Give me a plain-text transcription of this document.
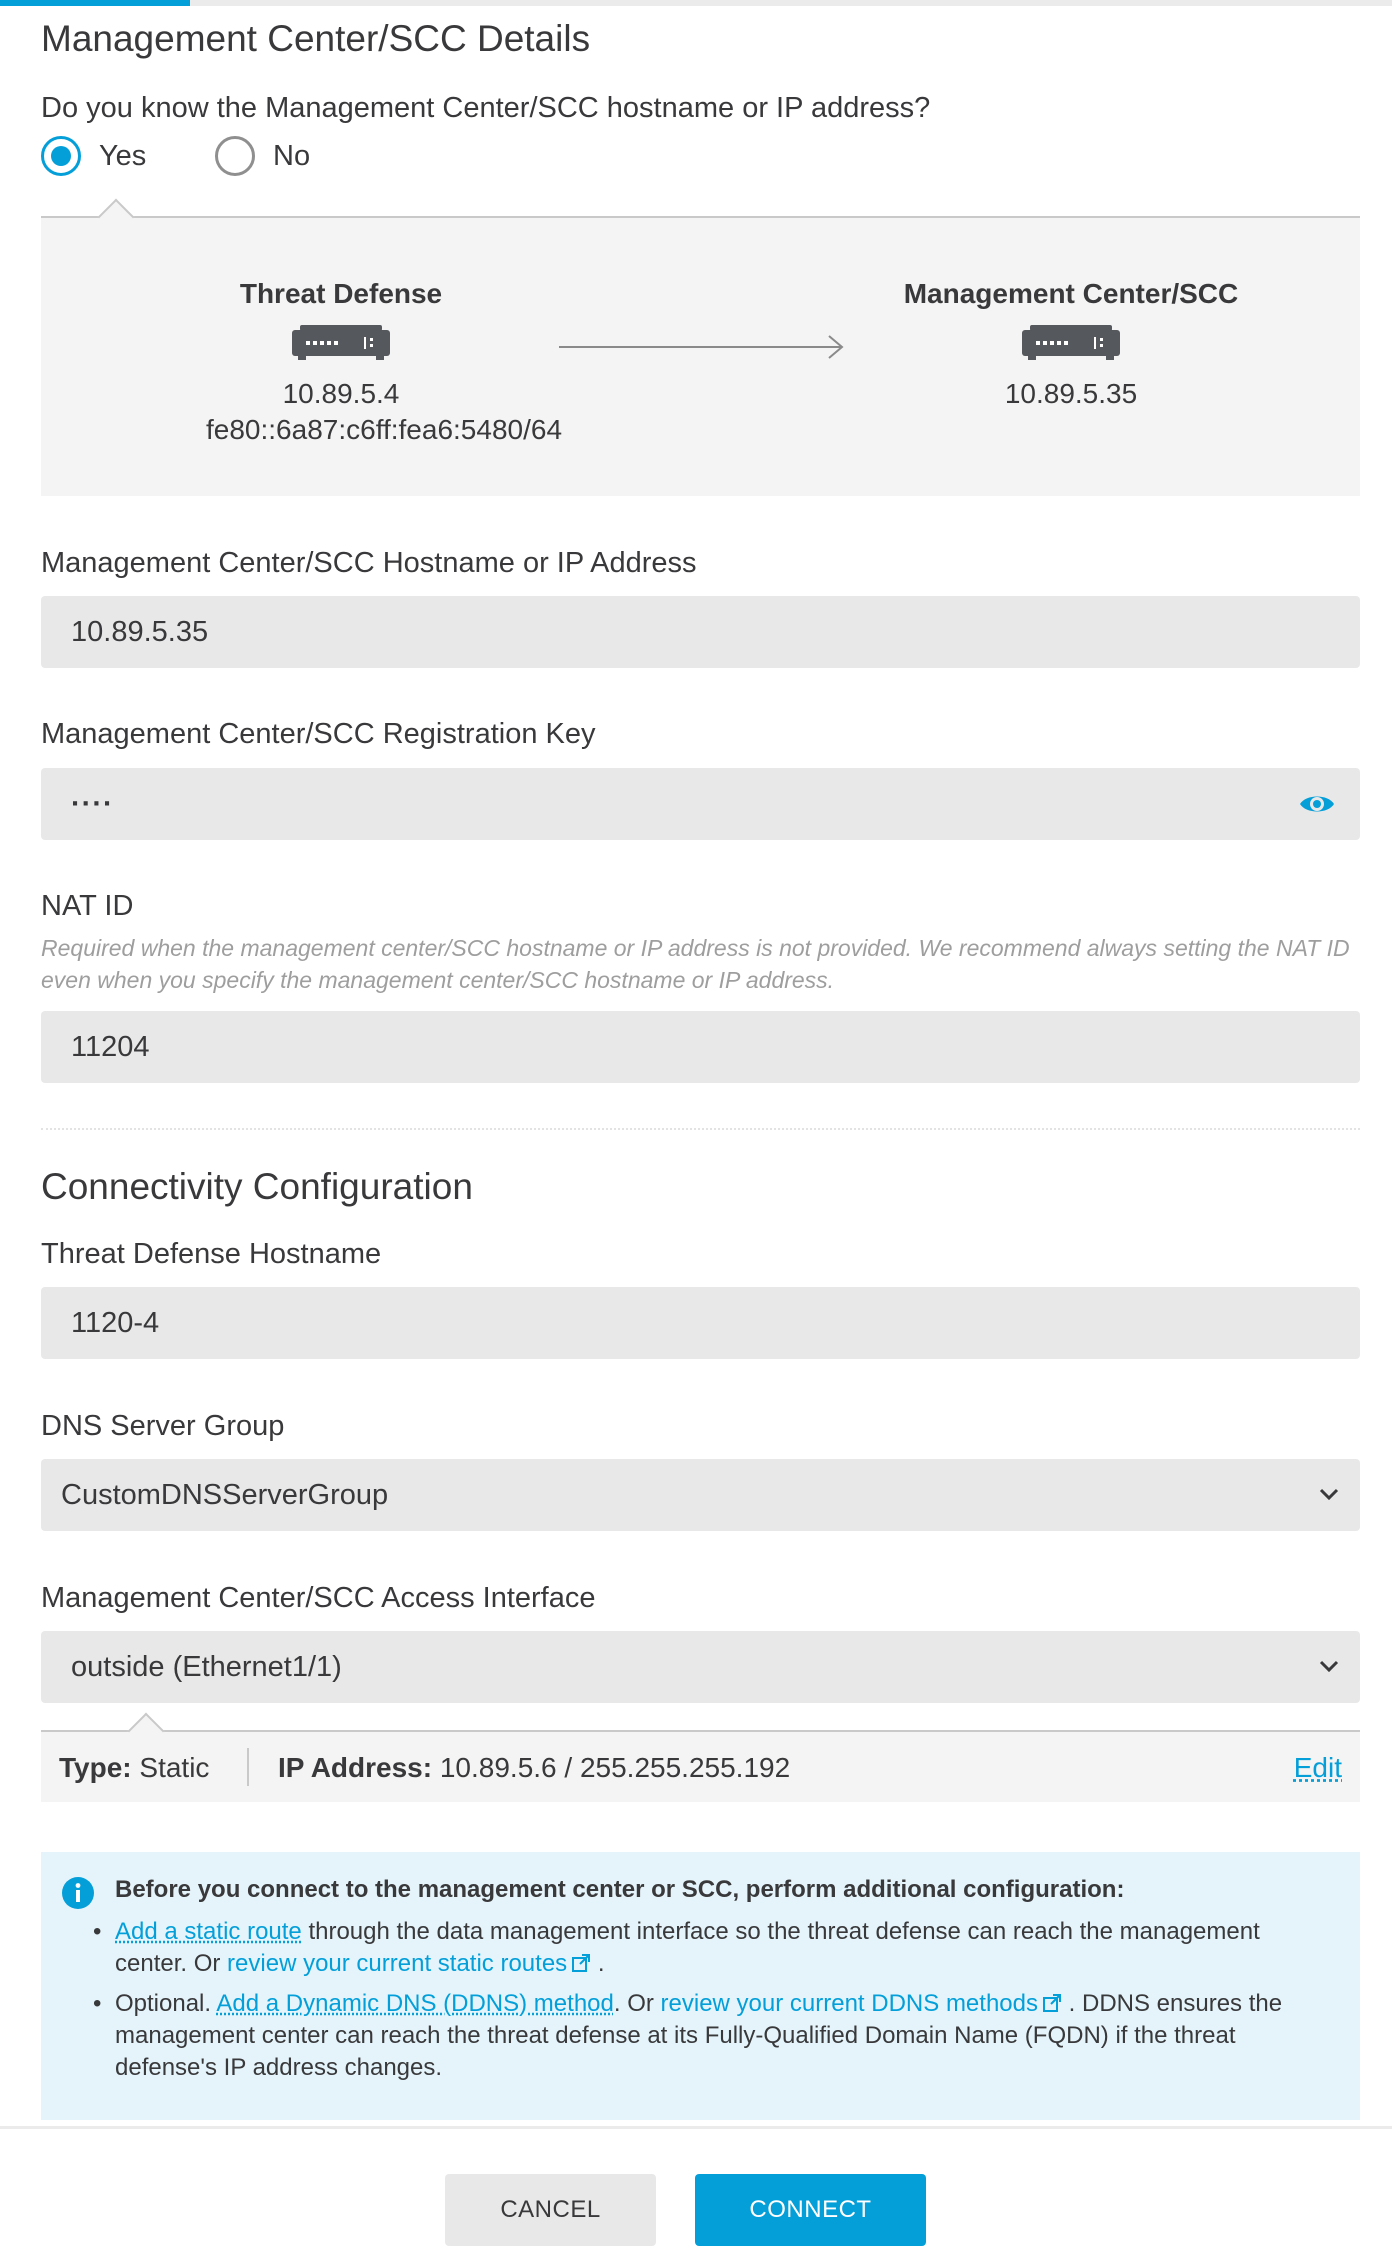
Management Center/SCC Details
Do you know the Management Center/SCC hostname or IP address?
Yes	No
Threat Defense
10.89.5.4
fe80::6a87:c6ff:fea6:5480/64
Management Center/SCC
10.89.5.35
Management Center/SCC Hostname or IP Address
10.89.5.35
Management Center/SCC Registration Key
····
NAT ID
Required when the management center/SCC hostname or IP address is not provided. We recommend always setting the NAT ID even when you specify the management center/SCC hostname or IP address.
11204
Connectivity Configuration
Threat Defense Hostname
1120-4
DNS Server Group
CustomDNSServerGroup
Management Center/SCC Access Interface
outside (Ethernet1/1)
Type: Static IP Address: 10.89.5.6 / 255.255.255.192	Edit
Before you connect to the management center or SCC, perform additional configuration:
• Add a static route through the data management interface so the threat defense can reach the management center. Or review your current static routes .
• Optional. Add a Dynamic DNS (DDNS) method. Or review your current DDNS methods . DDNS ensures the management center can reach the threat defense at its Fully-Qualified Domain Name (FQDN) if the threat defense's IP address changes.
CANCEL	CONNECT
